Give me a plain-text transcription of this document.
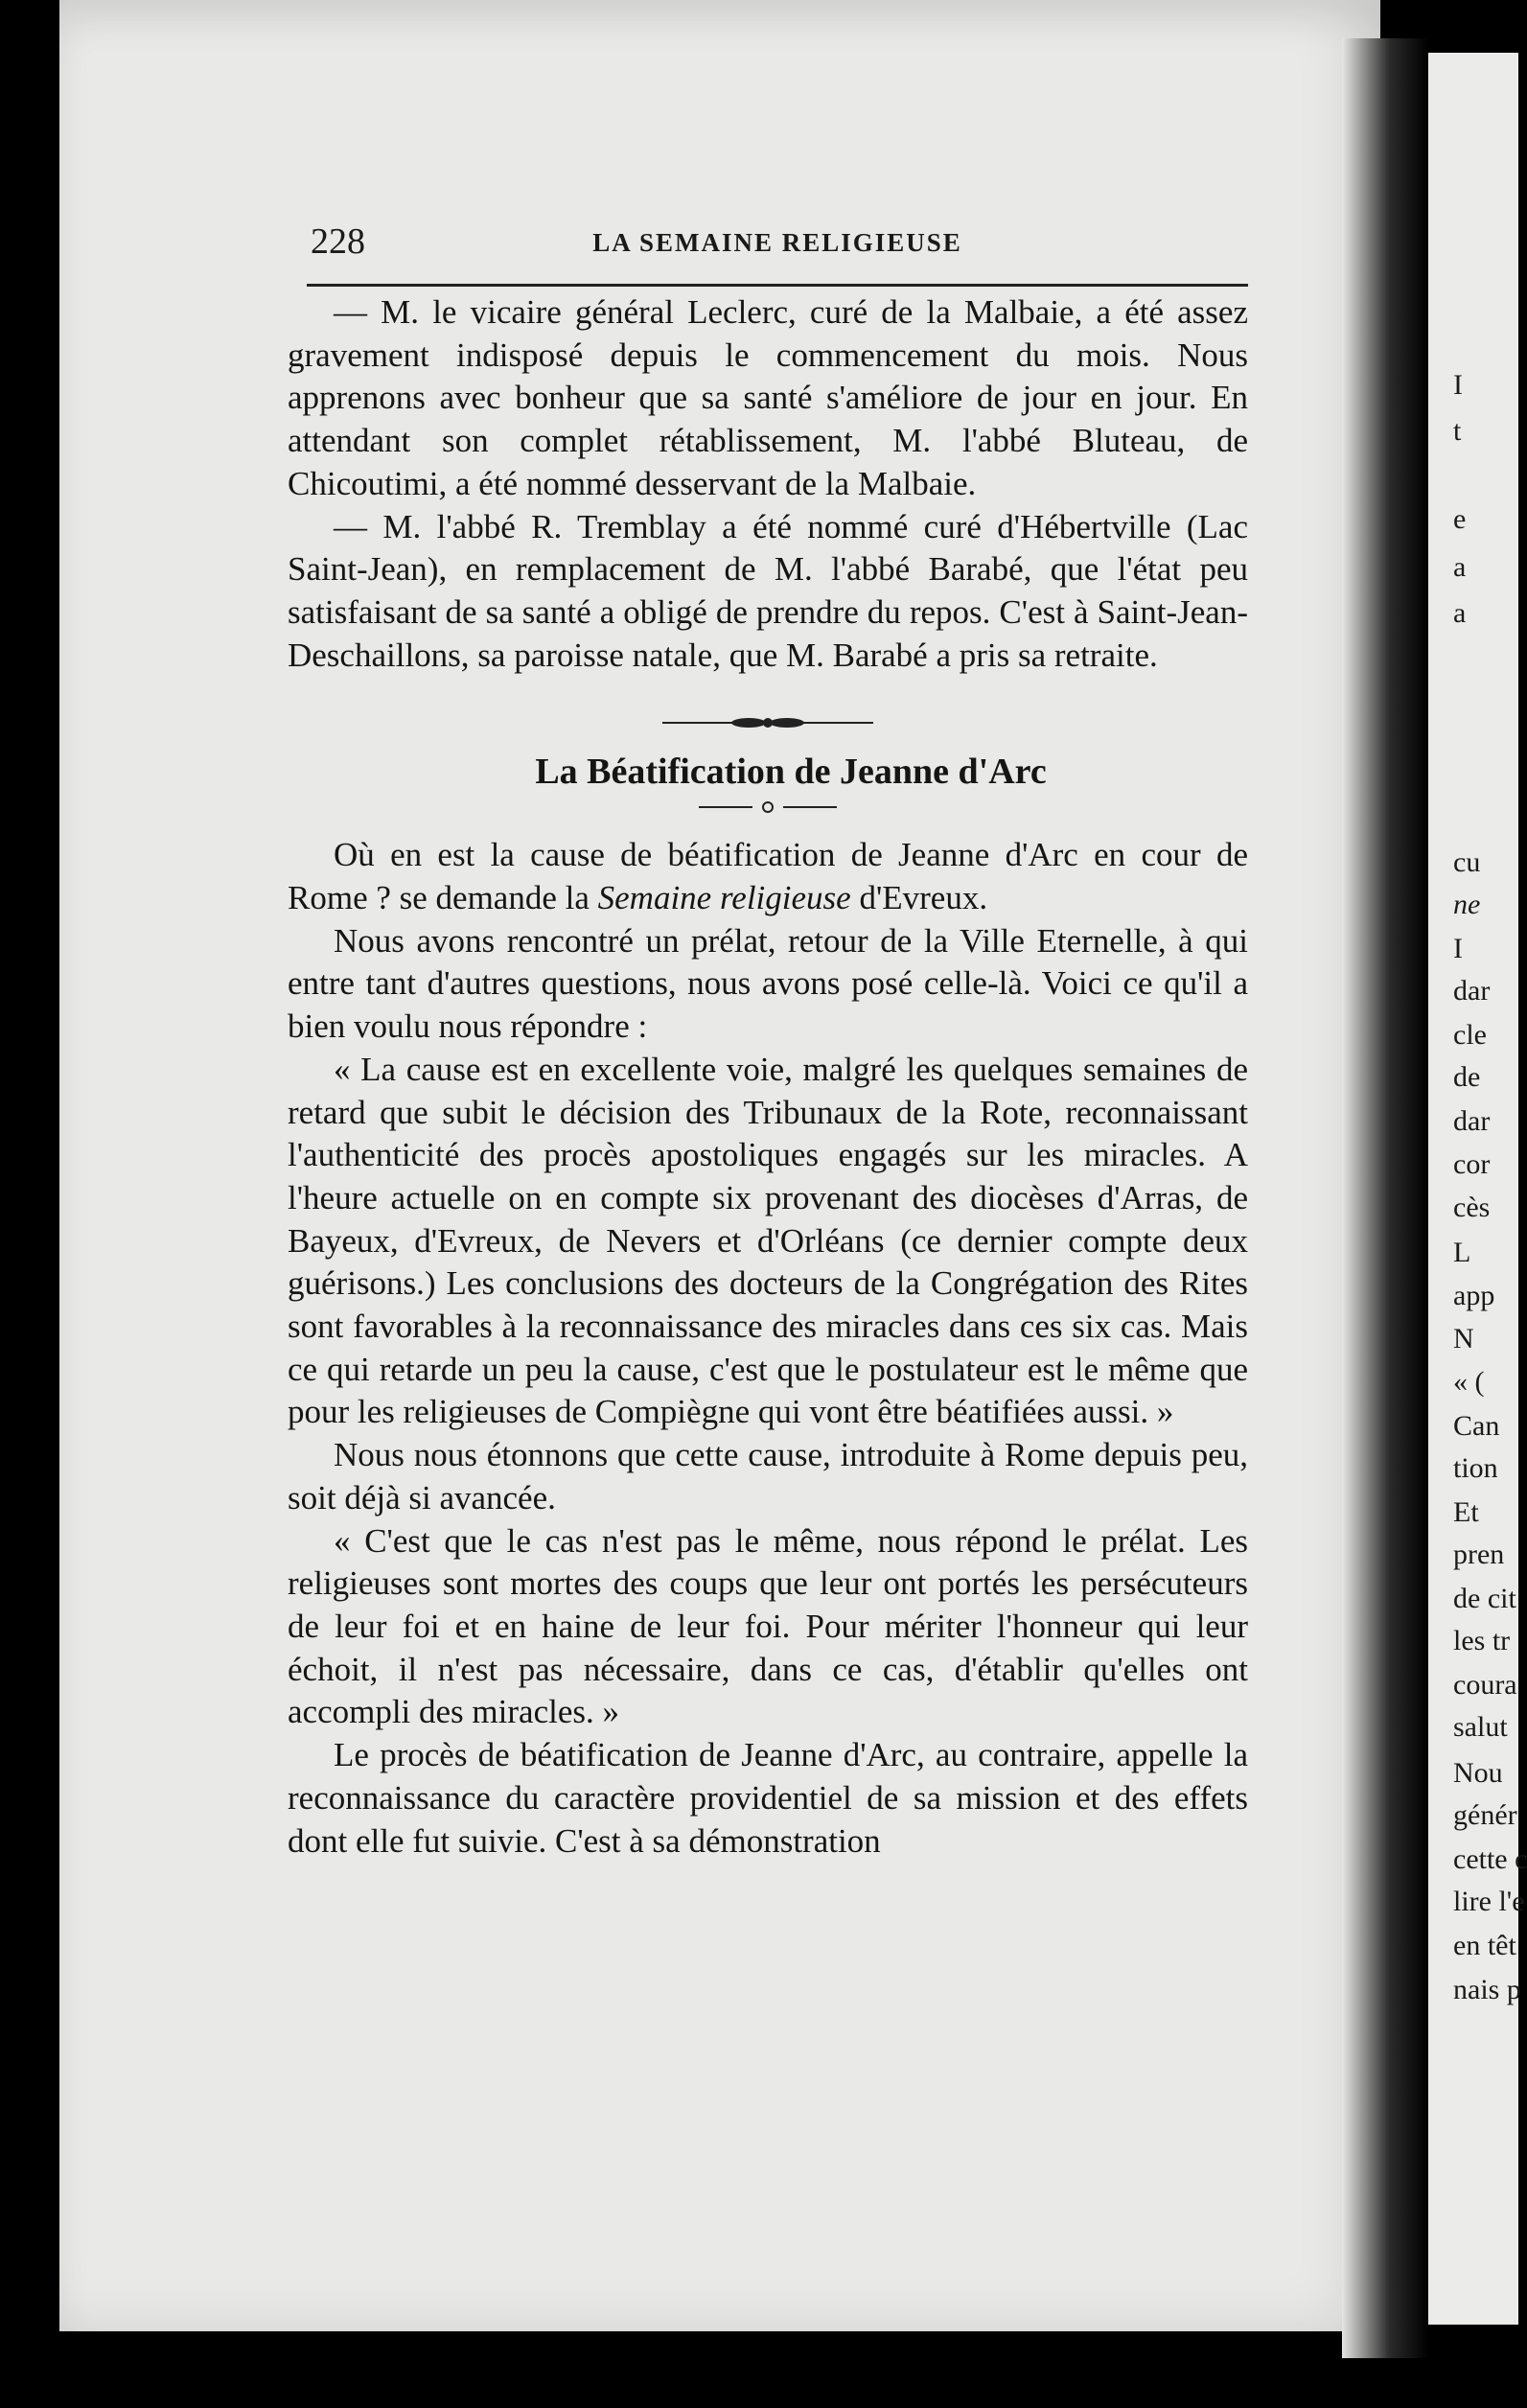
I
t
e
a
a
cu
ne
I
dar
cle
de
dar
cor
cès
L
app
N
« (
Can
tion
Et
pren
de cit
les tr
coura
salut
Nou
génér
cette c
lire l'e
en têt
nais p
228	LA SEMAINE RELIGIEUSE

— M. le vicaire général Leclerc, curé de la Malbaie, a été assez gravement indisposé depuis le commencement du mois. Nous apprenons avec bonheur que sa santé s'améliore de jour en jour. En attendant son complet rétablissement, M. l'abbé Bluteau, de Chicoutimi, a été nommé desservant de la Malbaie.

— M. l'abbé R. Tremblay a été nommé curé d'Hébertville (Lac Saint-Jean), en remplacement de M. l'abbé Barabé, que l'état peu satisfaisant de sa santé a obligé de prendre du repos. C'est à Saint-Jean-Deschaillons, sa paroisse natale, que M. Barabé a pris sa retraite.

La Béatification de Jeanne d'Arc

Où en est la cause de béatification de Jeanne d'Arc en cour de Rome ? se demande la Semaine religieuse d'Evreux.

Nous avons rencontré un prélat, retour de la Ville Eternelle, à qui entre tant d'autres questions, nous avons posé celle-là. Voici ce qu'il a bien voulu nous répondre :

« La cause est en excellente voie, malgré les quelques semaines de retard que subit le décision des Tribunaux de la Rote, reconnaissant l'authenticité des procès apostoliques engagés sur les miracles. A l'heure actuelle on en compte six provenant des diocèses d'Arras, de Bayeux, d'Evreux, de Nevers et d'Orléans (ce dernier compte deux guérisons.) Les conclusions des docteurs de la Congrégation des Rites sont favorables à la reconnaissance des miracles dans ces six cas. Mais ce qui retarde un peu la cause, c'est que le postulateur est le même que pour les religieuses de Compiègne qui vont être béatifiées aussi. »

Nous nous étonnons que cette cause, introduite à Rome depuis peu, soit déjà si avancée.

« C'est que le cas n'est pas le même, nous répond le prélat. Les religieuses sont mortes des coups que leur ont portés les persécuteurs de leur foi et en haine de leur foi. Pour mériter l'honneur qui leur échoit, il n'est pas nécessaire, dans ce cas, d'établir qu'elles ont accompli des miracles. »

Le procès de béatification de Jeanne d'Arc, au contraire, appelle la reconnaissance du caractère providentiel de sa mission et des effets dont elle fut suivie. C'est à sa démonstration
